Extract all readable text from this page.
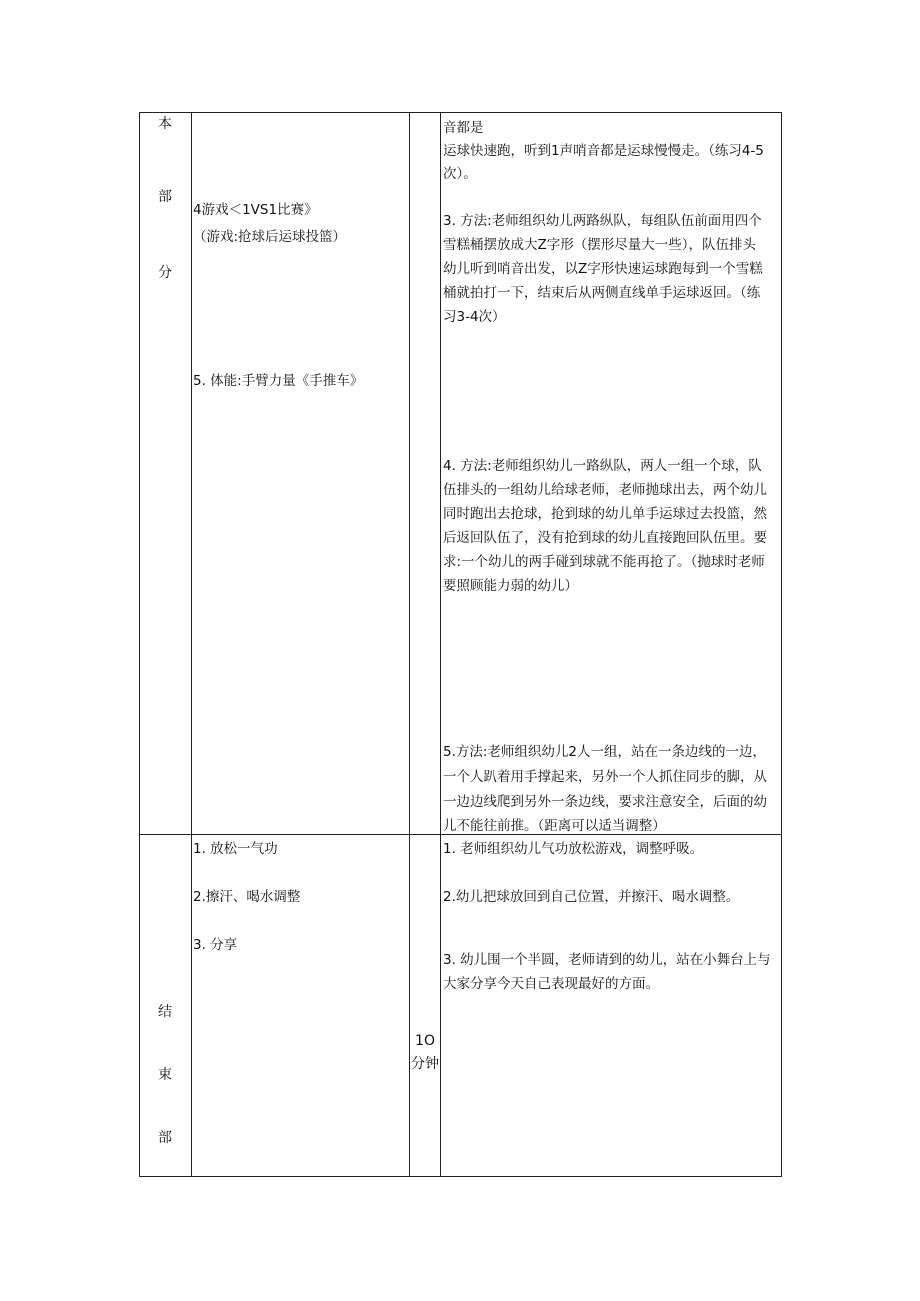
本
部
分
4游戏＜1VS1比赛》
（游戏:抢球后运球投篮）
5. 体能:手臂力量《手推车》
音都是
运球快速跑，听到1声哨音都是运球慢慢走。（练习4-5
次）。
3. 方法:老师组织幼儿两路纵队，每组队伍前面用四个
雪糕桶摆放成大Z字形（摆形尽量大一些），队伍排头
幼儿听到哨音出发，以Z字形快速运球跑每到一个雪糕
桶就拍打一下，结束后从两侧直线单手运球返回。（练
习3-4次）
4. 方法:老师组织幼儿一路纵队，两人一组一个球，队
伍排头的一组幼儿给球老师，老师抛球出去，两个幼儿
同时跑出去抢球，抢到球的幼儿单手运球过去投篮，然
后返回队伍了，没有抢到球的幼儿直接跑回队伍里。要
求:一个幼儿的两手碰到球就不能再抢了。（抛球时老师
要照顾能力弱的幼儿）
5.方法:老师组织幼儿2人一组，站在一条边线的一边，
一个人趴着用手撑起来，另外一个人抓住同步的脚，从
一边边线爬到另外一条边线，要求注意安全，后面的幼
儿不能往前推。（距离可以适当调整）
结
束
部
1O
分钟
1. 放松一气功
2.擦汗、喝水调整
3. 分享
1. 老师组织幼儿气功放松游戏，调整呼吸。
2.幼儿把球放回到自己位置，并擦汗、喝水调整。
3. 幼儿围一个半圆，老师请到的幼儿，站在小舞台上与
大家分享今天自己表现最好的方面。
